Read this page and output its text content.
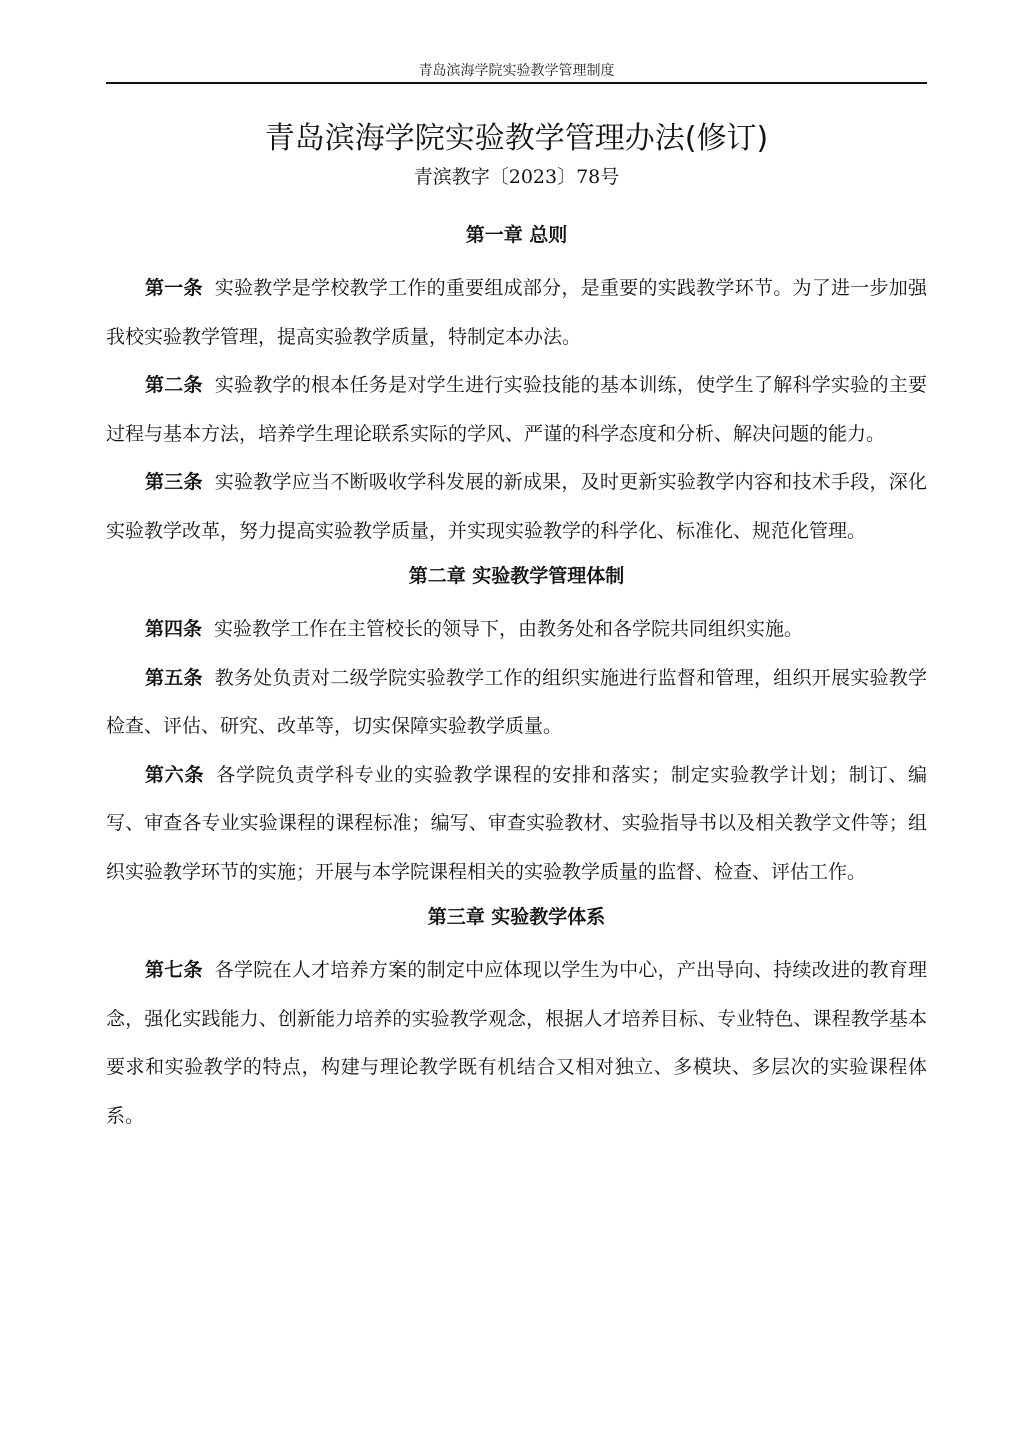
青岛滨海学院实验教学管理制度
青岛滨海学院实验教学管理办法(修订)
青滨教字〔2023〕78号
第一章 总则

第一条 实验教学是学校教学工作的重要组成部分，是重要的实践教学环节。为了进一步加强我校实验教学管理，提高实验教学质量，特制定本办法。

第二条 实验教学的根本任务是对学生进行实验技能的基本训练，使学生了解科学实验的主要过程与基本方法，培养学生理论联系实际的学风、严谨的科学态度和分析、解决问题的能力。

第三条 实验教学应当不断吸收学科发展的新成果，及时更新实验教学内容和技术手段，深化实验教学改革，努力提高实验教学质量，并实现实验教学的科学化、标准化、规范化管理。

第二章 实验教学管理体制

第四条 实验教学工作在主管校长的领导下，由教务处和各学院共同组织实施。

第五条 教务处负责对二级学院实验教学工作的组织实施进行监督和管理，组织开展实验教学检查、评估、研究、改革等，切实保障实验教学质量。

第六条 各学院负责学科专业的实验教学课程的安排和落实；制定实验教学计划；制订、编写、审查各专业实验课程的课程标准；编写、审查实验教材、实验指导书以及相关教学文件等；组织实验教学环节的实施；开展与本学院课程相关的实验教学质量的监督、检查、评估工作。

第三章 实验教学体系

第七条 各学院在人才培养方案的制定中应体现以学生为中心，产出导向、持续改进的教育理念，强化实践能力、创新能力培养的实验教学观念，根据人才培养目标、专业特色、课程教学基本要求和实验教学的特点，构建与理论教学既有机结合又相对独立、多模块、多层次的实验课程体系。
